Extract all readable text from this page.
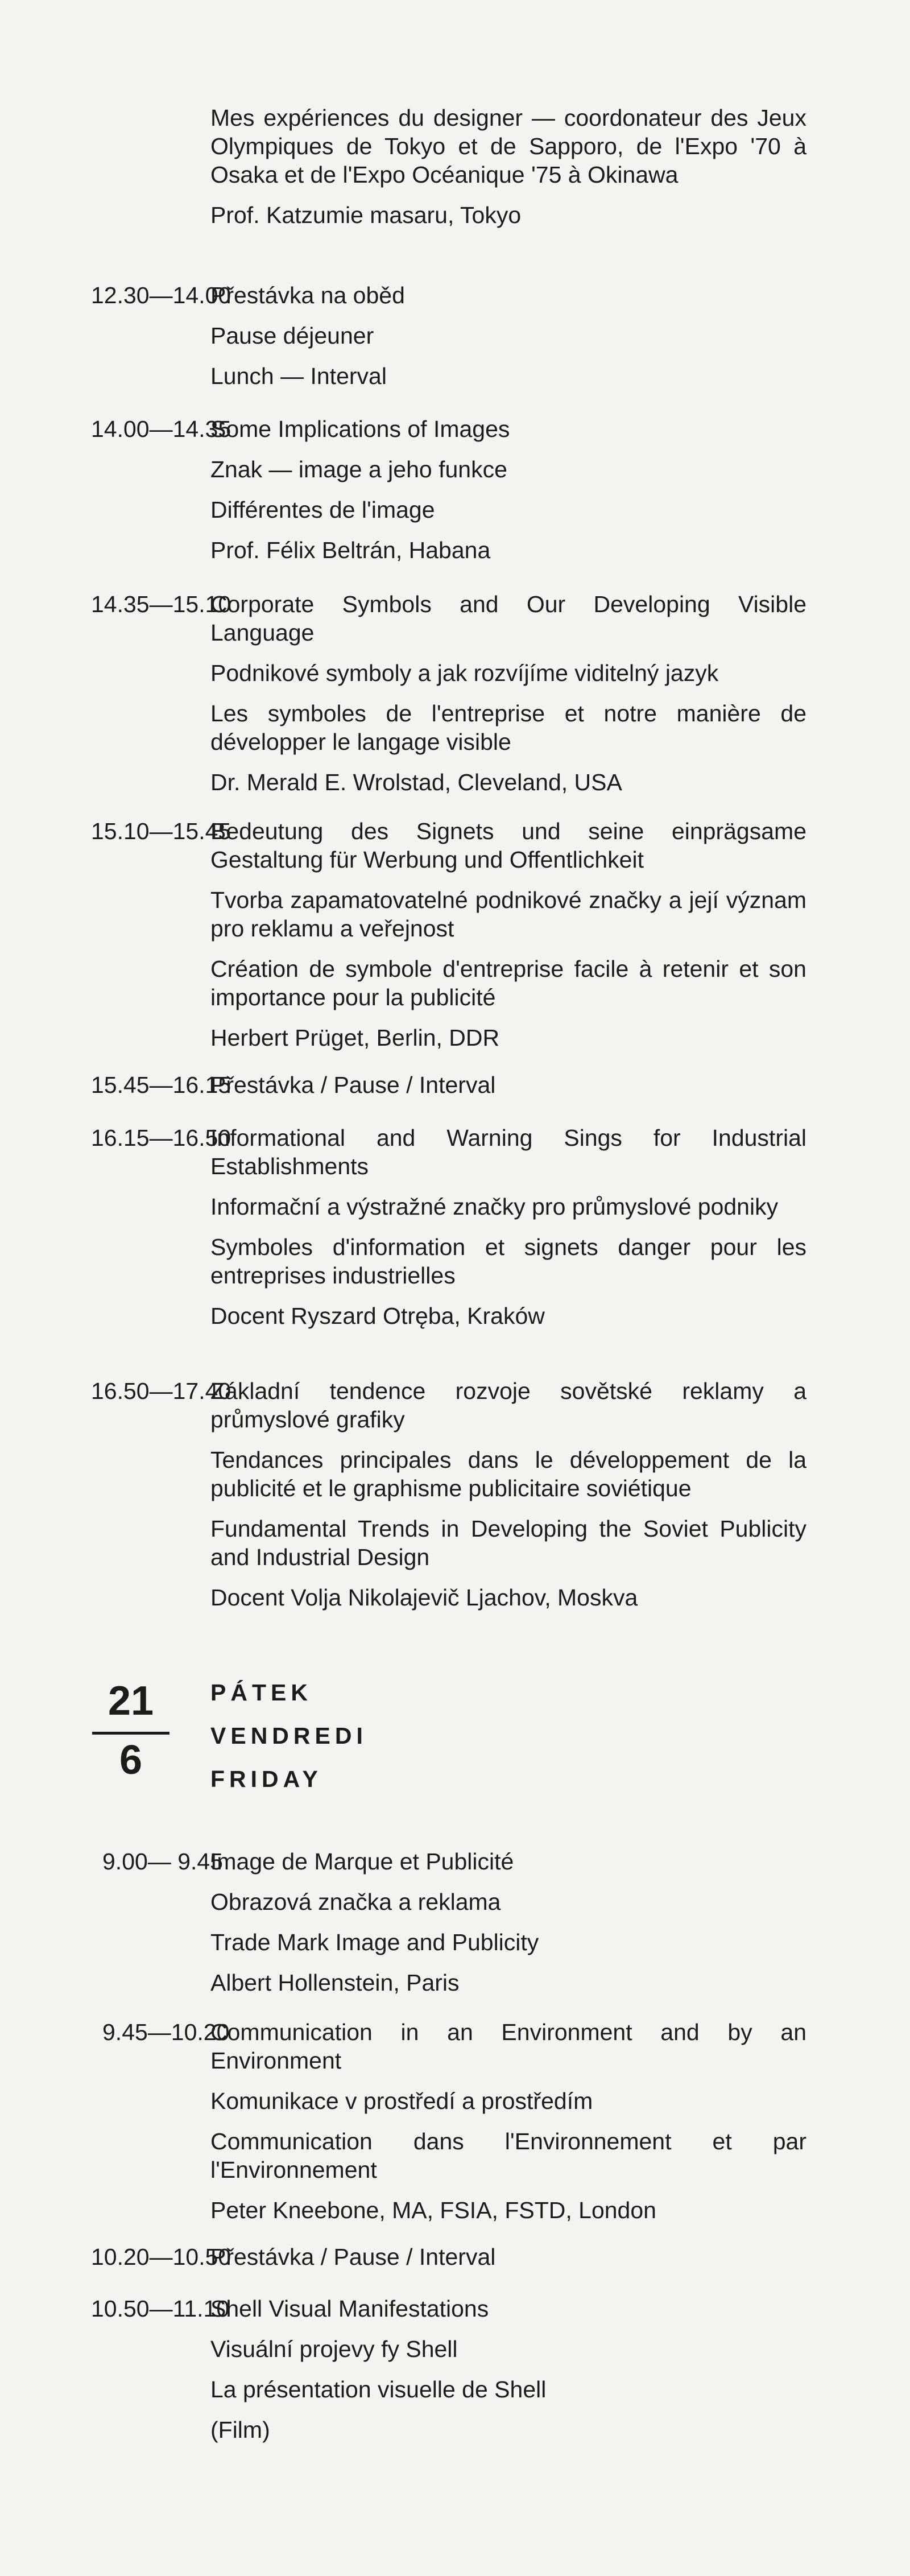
Mes expériences du designer — coordonateur des Jeux Olympiques de Tokyo et de Sapporo, de l'Expo '70 à Osaka et de l'Expo Océanique '75 à Okinawa
Prof. Katzumie masaru, Tokyo
12.30—14.00
Přestávka na oběd
Pause déjeuner
Lunch — Interval
14.00—14.35
Some Implications of Images
Znak — image a jeho funkce
Différentes de l'image
Prof. Félix Beltrán, Habana
14.35—15.10
Corporate Symbols and Our Developing Visible Language
Podnikové symboly a jak rozvíjíme viditelný jazyk
Les symboles de l'entreprise et notre manière de développer le langage visible
Dr. Merald E. Wrolstad, Cleveland, USA
15.10—15.45
Bedeutung des Signets und seine einprägsame Gestaltung für Werbung und Offentlichkeit
Tvorba zapamatovatelné podnikové značky a její význam pro reklamu a veřejnost
Création de symbole d'entreprise facile à retenir et son importance pour la publicité
Herbert Prüget, Berlin, DDR
15.45—16.15
Přestávka / Pause / Interval
16.15—16.50
Informational and Warning Sings for Industrial Establishments
Informační a výstražné značky pro průmyslové podniky
Symboles d'information et signets danger pour les entreprises industrielles
Docent Ryszard Otręba, Kraków
16.50—17.40
Základní tendence rozvoje sovětské reklamy a průmyslové grafiky
Tendances principales dans le développement de la publicité et le graphisme publicitaire soviétique
Fundamental Trends in Developing the Soviet Publicity and Industrial Design
Docent Volja Nikolajevič Ljachov, Moskva
21
6
PÁTEK
VENDREDI
FRIDAY
9.00— 9.45
Image de Marque et Publicité
Obrazová značka a reklama
Trade Mark Image and Publicity
Albert Hollenstein, Paris
9.45—10.20
Communication in an Environment and by an Environment
Komunikace v prostředí a prostředím
Communication dans l'Environnement et par l'Environnement
Peter Kneebone, MA, FSIA, FSTD, London
10.20—10.50
Přestávka / Pause / Interval
10.50—11.10
Shell Visual Manifestations
Visuální projevy fy Shell
La présentation visuelle de Shell
(Film)
